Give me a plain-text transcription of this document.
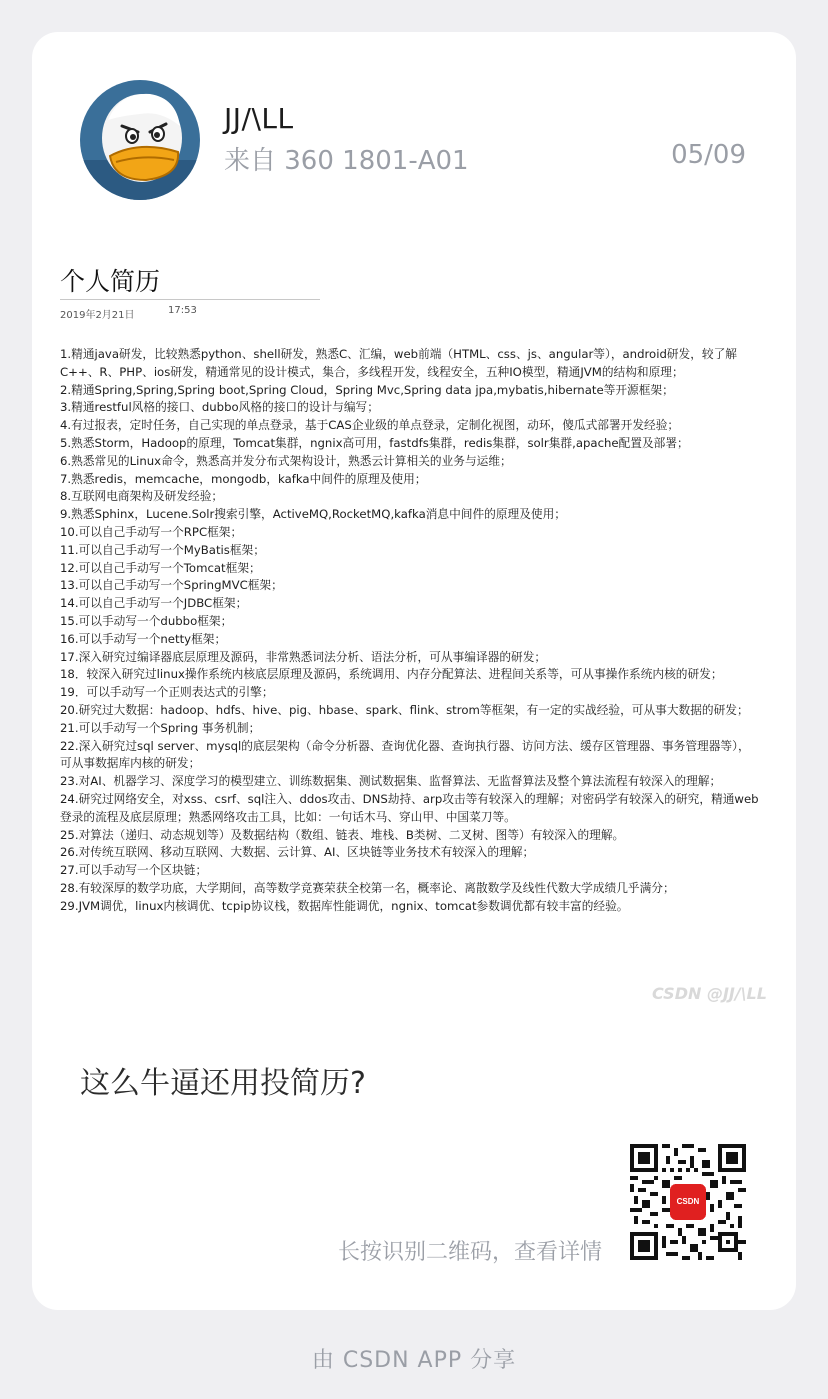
JJ/\LL
来自 360 1801-A01	05/09
个人简历
2019年2月21日	17:53
1.精通java研发，比较熟悉python、shell研发，熟悉C、汇编，web前端（HTML、css、js、angular等），android研发，较了解C++、R、PHP、ios研发，精通常见的设计模式，集合，多线程开发，线程安全，五种IO模型，精通JVM的结构和原理；
2.精通Spring,Spring,Spring boot,Spring Cloud，Spring Mvc,Spring data jpa,mybatis,hibernate等开源框架；
3.精通restful风格的接口、dubbo风格的接口的设计与编写；
4.有过报表，定时任务，自己实现的单点登录，基于CAS企业级的单点登录，定制化视图，动环，傻瓜式部署开发经验；
5.熟悉Storm，Hadoop的原理，Tomcat集群，ngnix高可用，fastdfs集群，redis集群，solr集群,apache配置及部署；
6.熟悉常见的Linux命令，熟悉高并发分布式架构设计，熟悉云计算相关的业务与运维；
7.熟悉redis，memcache，mongodb，kafka中间件的原理及使用；
8.互联网电商架构及研发经验；
9.熟悉Sphinx，Lucene.Solr搜索引擎，ActiveMQ,RocketMQ,kafka消息中间件的原理及使用；
10.可以自己手动写一个RPC框架；
11.可以自己手动写一个MyBatis框架；
12.可以自己手动写一个Tomcat框架；
13.可以自己手动写一个SpringMVC框架；
14.可以自己手动写一个JDBC框架；
15.可以手动写一个dubbo框架；
16.可以手动写一个netty框架；
17.深入研究过编译器底层原理及源码，非常熟悉词法分析、语法分析，可从事编译器的研发；
18．较深入研究过linux操作系统内核底层原理及源码，系统调用、内存分配算法、进程间关系等，可从事操作系统内核的研发；
19．可以手动写一个正则表达式的引擎；
20.研究过大数据：hadoop、hdfs、hive、pig、hbase、spark、flink、strom等框架，有一定的实战经验，可从事大数据的研发；
21.可以手动写一个Spring 事务机制；
22.深入研究过sql server、mysql的底层架构（命令分析器、查询优化器、查询执行器、访问方法、缓存区管理器、事务管理器等），可从事数据库内核的研发；
23.对AI、机器学习、深度学习的模型建立、训练数据集、测试数据集、监督算法、无监督算法及整个算法流程有较深入的理解；
24.研究过网络安全，对xss、csrf、sql注入、ddos攻击、DNS劫持、arp攻击等有较深入的理解；对密码学有较深入的研究，精通web登录的流程及底层原理；熟悉网络攻击工具，比如：一句话木马、穿山甲、中国菜刀等。
25.对算法（递归、动态规划等）及数据结构（数组、链表、堆栈、B类树、二叉树、图等）有较深入的理解。
26.对传统互联网、移动互联网、大数据、云计算、AI、区块链等业务技术有较深入的理解；
27.可以手动写一个区块链；
28.有较深厚的数学功底，大学期间，高等数学竞赛荣获全校第一名，概率论、离散数学及线性代数大学成绩几乎满分；
29.JVM调优，linux内核调优、tcpip协议栈，数据库性能调优，ngnix、tomcat参数调优都有较丰富的经验。
CSDN @JJ/\LL
这么牛逼还用投简历?
长按识别二维码，查看详情
CSDN
由 CSDN APP 分享
